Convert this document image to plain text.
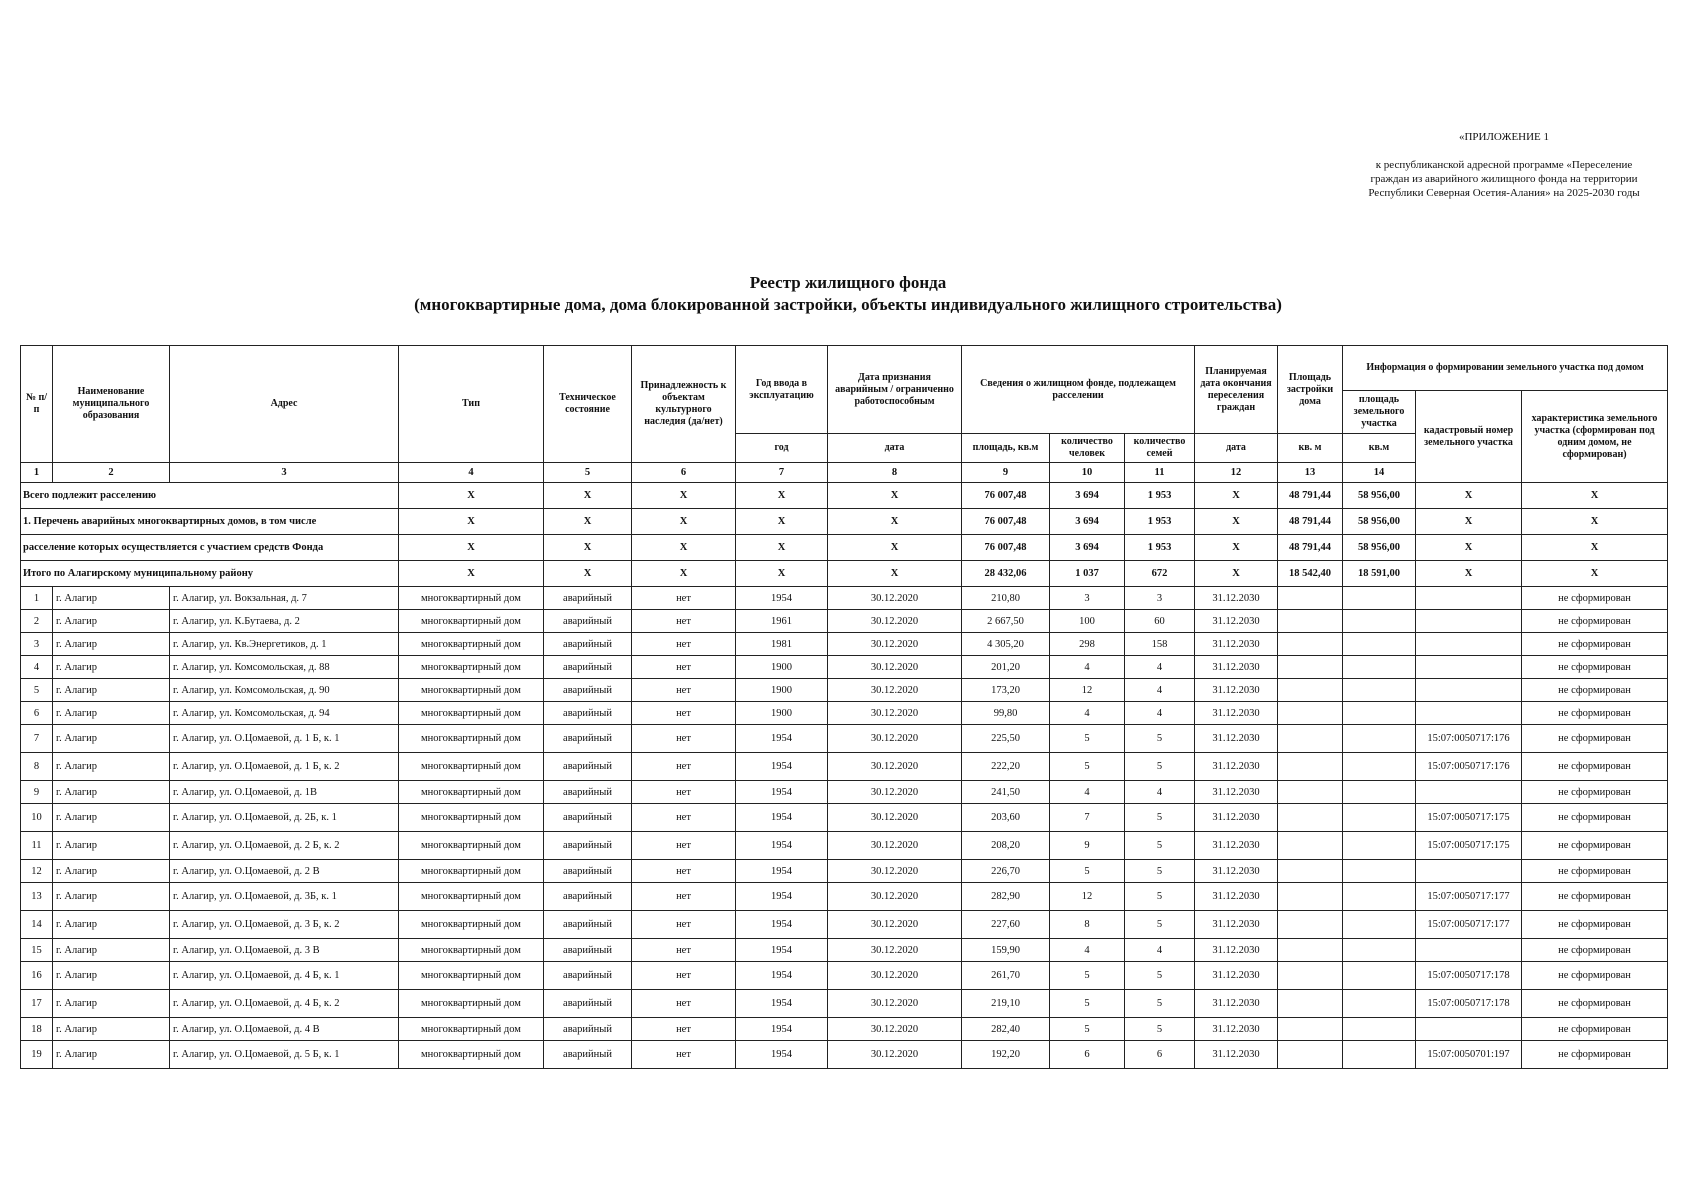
«ПРИЛОЖЕНИЕ 1
к республиканской адресной программе «Переселение
граждан из аварийного жилищного фонда на территории
Республики Северная Осетия-Алания» на 2025-2030 годы
Реестр жилищного фонда
(многоквартирные дома, дома блокированной застройки, объекты индивидуального жилищного строительства)
№ п/п	Наименование муниципального образования	Адрес	Тип	Техническое состояние	Принадлежность к объектам культурного наследия (да/нет)	Год ввода в эксплуатацию	Дата признания аварийным / ограниченно работоспособным	Сведения о жилищном фонде, подлежащем расселении			Планируемая дата окончания переселения граждан	Площадь застройки дома	Информация о формировании земельного участка под домом			
													площадь земельного участка	кадастровый номер земельного участка	характеристика земельного участка (сформирован под одним домом, не сформирован)	
						год	дата	площадь, кв.м	количество человек	количество семей	дата	кв. м	кв.м			
1	2	3	4	5	6	7	8	9	10	11	12	13	14		
Всего подлежит расселению			X	X	X	X	X	76 007,48	3 694	1 953	X	48 791,44	58 956,00	X	X	
1. Перечень аварийных многоквартирных домов, в том числе			X	X	X	X	X	76 007,48	3 694	1 953	X	48 791,44	58 956,00	X	X	
расселение которых осуществляется с участием средств Фонда			X	X	X	X	X	76 007,48	3 694	1 953	X	48 791,44	58 956,00	X	X	
Итого по Алагирскому муниципальному району			X	X	X	X	X	28 432,06	1 037	672	X	18 542,40	18 591,00	X	X	
1	г. Алагир	г. Алагир, ул. Вокзальная, д. 7	многоквартирный дом	аварийный	нет	1954	30.12.2020	210,80	3	3	31.12.2030				не сформирован	
2	г. Алагир	г. Алагир, ул. К.Бутаева, д. 2	многоквартирный дом	аварийный	нет	1961	30.12.2020	2 667,50	100	60	31.12.2030				не сформирован	
3	г. Алагир	г. Алагир, ул. Кв.Энергетиков, д. 1	многоквартирный дом	аварийный	нет	1981	30.12.2020	4 305,20	298	158	31.12.2030				не сформирован	
4	г. Алагир	г. Алагир, ул. Комсомольская, д. 88	многоквартирный дом	аварийный	нет	1900	30.12.2020	201,20	4	4	31.12.2030				не сформирован	
5	г. Алагир	г. Алагир, ул. Комсомольская, д. 90	многоквартирный дом	аварийный	нет	1900	30.12.2020	173,20	12	4	31.12.2030				не сформирован	
6	г. Алагир	г. Алагир, ул. Комсомольская, д. 94	многоквартирный дом	аварийный	нет	1900	30.12.2020	99,80	4	4	31.12.2030				не сформирован	
7	г. Алагир	г. Алагир, ул. О.Цомаевой, д. 1 Б, к. 1	многоквартирный дом	аварийный	нет	1954	30.12.2020	225,50	5	5	31.12.2030			15:07:0050717:176	не сформирован	
8	г. Алагир	г. Алагир, ул. О.Цомаевой, д. 1 Б, к. 2	многоквартирный дом	аварийный	нет	1954	30.12.2020	222,20	5	5	31.12.2030			15:07:0050717:176	не сформирован	
9	г. Алагир	г. Алагир, ул. О.Цомаевой, д. 1В	многоквартирный дом	аварийный	нет	1954	30.12.2020	241,50	4	4	31.12.2030				не сформирован	
10	г. Алагир	г. Алагир, ул. О.Цомаевой, д. 2Б, к. 1	многоквартирный дом	аварийный	нет	1954	30.12.2020	203,60	7	5	31.12.2030			15:07:0050717:175	не сформирован	
11	г. Алагир	г. Алагир, ул. О.Цомаевой, д. 2 Б, к. 2	многоквартирный дом	аварийный	нет	1954	30.12.2020	208,20	9	5	31.12.2030			15:07:0050717:175	не сформирован	
12	г. Алагир	г. Алагир, ул. О.Цомаевой, д. 2 В	многоквартирный дом	аварийный	нет	1954	30.12.2020	226,70	5	5	31.12.2030				не сформирован	
13	г. Алагир	г. Алагир, ул. О.Цомаевой, д. 3Б, к. 1	многоквартирный дом	аварийный	нет	1954	30.12.2020	282,90	12	5	31.12.2030			15:07:0050717:177	не сформирован	
14	г. Алагир	г. Алагир, ул. О.Цомаевой, д. 3 Б, к. 2	многоквартирный дом	аварийный	нет	1954	30.12.2020	227,60	8	5	31.12.2030			15:07:0050717:177	не сформирован	
15	г. Алагир	г. Алагир, ул. О.Цомаевой, д. 3 В	многоквартирный дом	аварийный	нет	1954	30.12.2020	159,90	4	4	31.12.2030				не сформирован	
16	г. Алагир	г. Алагир, ул. О.Цомаевой, д. 4 Б, к. 1	многоквартирный дом	аварийный	нет	1954	30.12.2020	261,70	5	5	31.12.2030			15:07:0050717:178	не сформирован	
17	г. Алагир	г. Алагир, ул. О.Цомаевой, д. 4 Б, к. 2	многоквартирный дом	аварийный	нет	1954	30.12.2020	219,10	5	5	31.12.2030			15:07:0050717:178	не сформирован	
18	г. Алагир	г. Алагир, ул. О.Цомаевой, д. 4 В	многоквартирный дом	аварийный	нет	1954	30.12.2020	282,40	5	5	31.12.2030				не сформирован	
19	г. Алагир	г. Алагир, ул. О.Цомаевой, д. 5 Б, к. 1	многоквартирный дом	аварийный	нет	1954	30.12.2020	192,20	6	6	31.12.2030			15:07:0050701:197	не сформирован	
